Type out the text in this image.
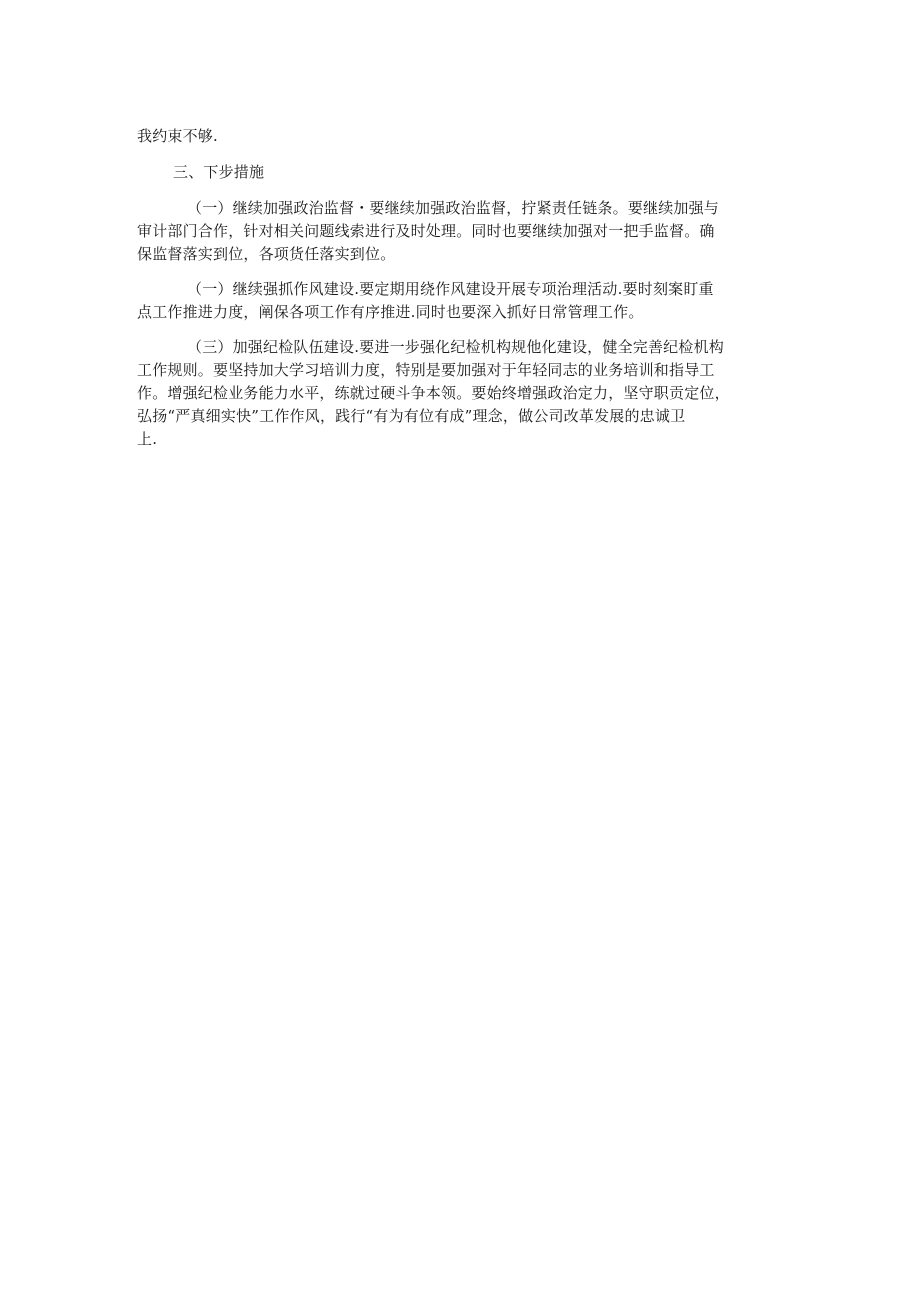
我约束不够.
三、下步措施
（一）继续加强政治监督・要继续加强政治监督，拧紧责任链条。要继续加强与
审计部门合作，针对相关问题线索进行及时处理。同时也要继续加强对一把手监督。确
保监督落实到位，各项货任落实到位。
（一）继续强抓作风建设.要定期用绕作风建设开展专项治理活动.要时刻案盯重
点工作推进力度，阐保各项工作有序推进.同时也要深入抓好日常管理工作。
（三）加强纪检队伍建设.要进一步强化纪检机构规他化建设，健全完善纪检机构
工作规则。要坚持加大学习培训力度，特别是要加强对于年轻同志的业务培训和指导工
作。增强纪检业务能力水平，练就过硬斗争本领。要始终增强政治定力，坚守职贡定位，
弘扬“严真细实快”工作作风，践行“有为有位有成”理念，做公司改革发展的忠诚卫
上.
